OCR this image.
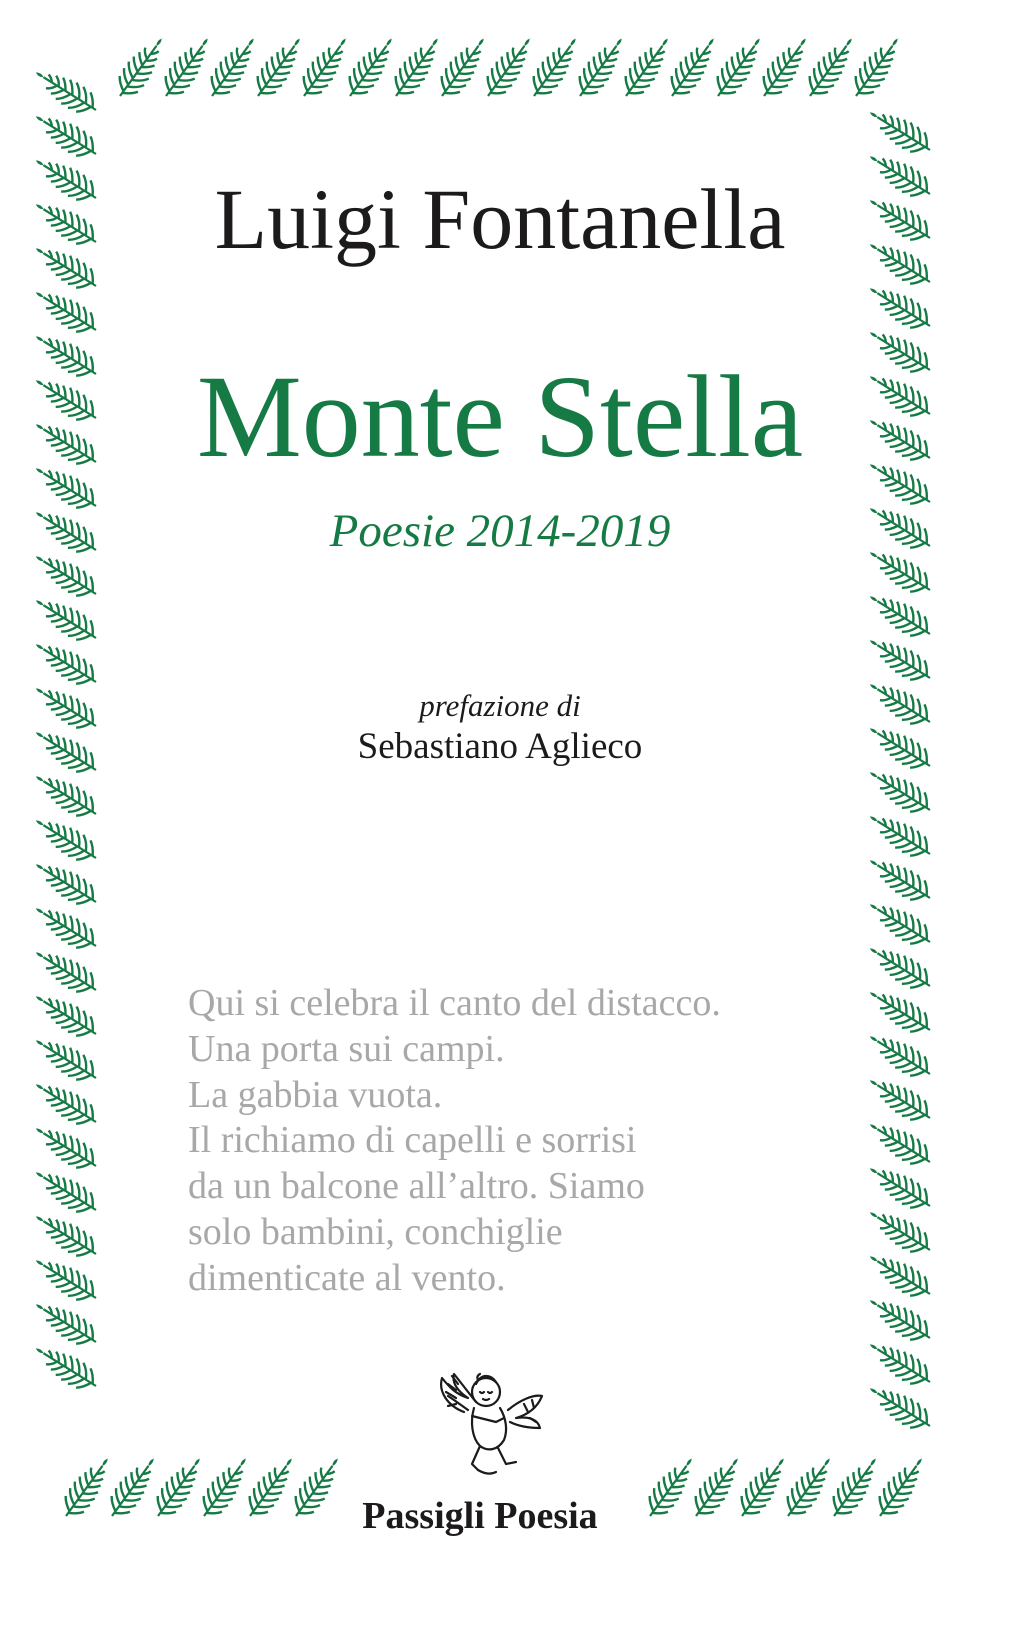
Luigi Fontanella
Monte Stella
Poesie 2014-2019
prefazione di
Sebastiano Aglieco
Qui si celebra il canto del distacco.
Una porta sui campi.
La gabbia vuota.
Il richiamo di capelli e sorrisi
da un balcone all’altro. Siamo
solo bambini, conchiglie
dimenticate al vento.
Passigli Poesia
